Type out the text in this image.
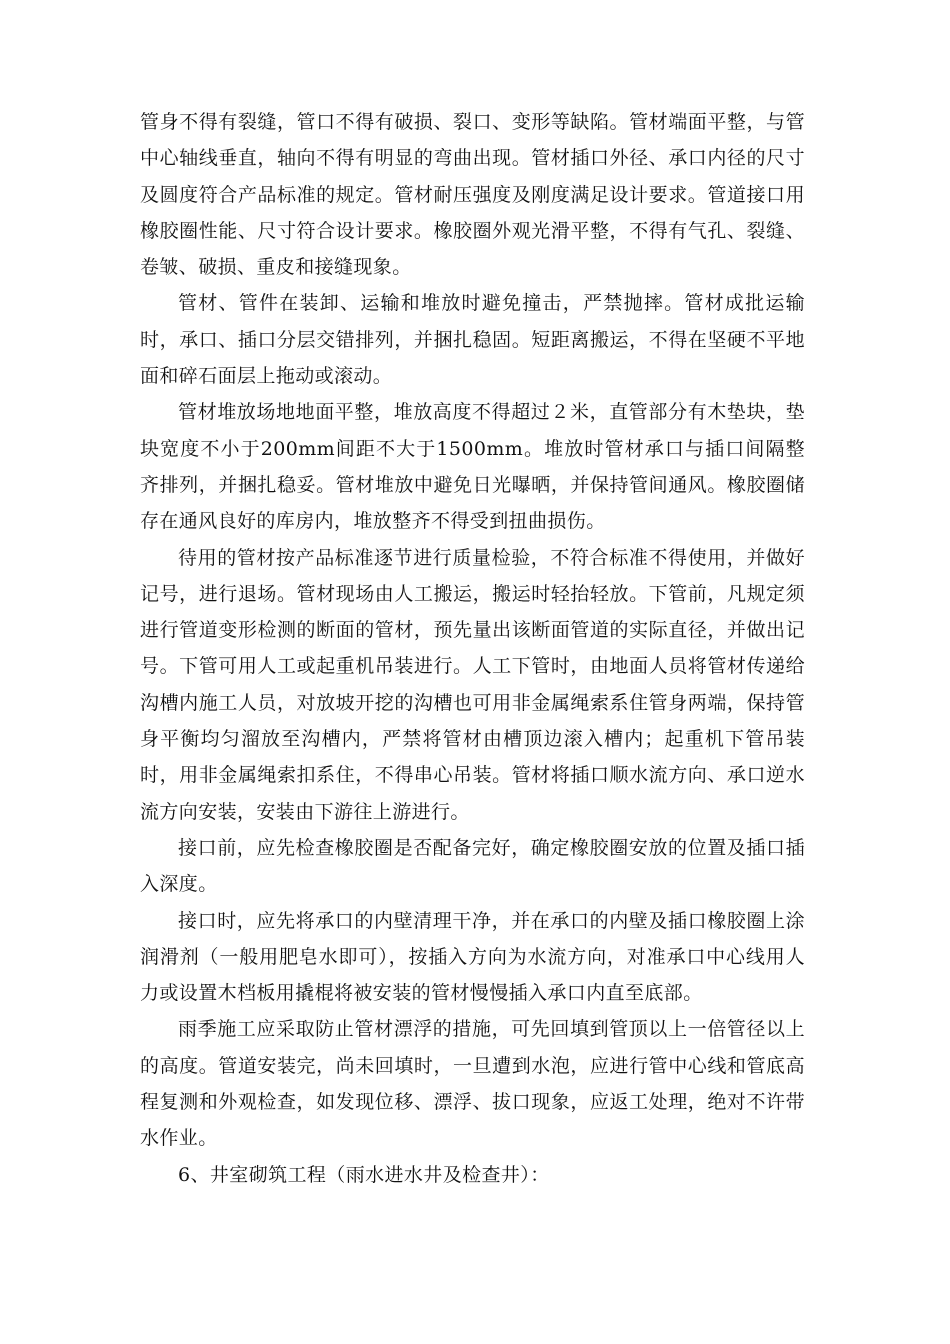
管身不得有裂缝，管口不得有破损、裂口、变形等缺陷。管材端面平整，与管中心轴线垂直，轴向不得有明显的弯曲出现。管材插口外径、承口内径的尺寸及圆度符合产品标准的规定。管材耐压强度及刚度满足设计要求。管道接口用橡胶圈性能、尺寸符合设计要求。橡胶圈外观光滑平整，不得有气孔、裂缝、卷皱、破损、重皮和接缝现象。

管材、管件在装卸、运输和堆放时避免撞击，严禁抛摔。管材成批运输时，承口、插口分层交错排列，并捆扎稳固。短距离搬运，不得在坚硬不平地面和碎石面层上拖动或滚动。

管材堆放场地地面平整，堆放高度不得超过２米，直管部分有木垫块，垫块宽度不小于200mm间距不大于1500mm。堆放时管材承口与插口间隔整齐排列，并捆扎稳妥。管材堆放中避免日光曝晒，并保持管间通风。橡胶圈储存在通风良好的库房内，堆放整齐不得受到扭曲损伤。

待用的管材按产品标准逐节进行质量检验，不符合标准不得使用，并做好记号，进行退场。管材现场由人工搬运，搬运时轻抬轻放。下管前，凡规定须进行管道变形检测的断面的管材，预先量出该断面管道的实际直径，并做出记号。下管可用人工或起重机吊装进行。人工下管时，由地面人员将管材传递给沟槽内施工人员，对放坡开挖的沟槽也可用非金属绳索系住管身两端，保持管身平衡均匀溜放至沟槽内，严禁将管材由槽顶边滚入槽内；起重机下管吊装时，用非金属绳索扣系住，不得串心吊装。管材将插口顺水流方向、承口逆水流方向安装，安装由下游往上游进行。

接口前，应先检查橡胶圈是否配备完好，确定橡胶圈安放的位置及插口插入深度。

接口时，应先将承口的内壁清理干净，并在承口的内壁及插口橡胶圈上涂润滑剂（一般用肥皂水即可），按插入方向为水流方向，对准承口中心线用人力或设置木档板用撬棍将被安装的管材慢慢插入承口内直至底部。

雨季施工应采取防止管材漂浮的措施，可先回填到管顶以上一倍管径以上的高度。管道安装完，尚未回填时，一旦遭到水泡，应进行管中心线和管底高程复测和外观检查，如发现位移、漂浮、拔口现象，应返工处理，绝对不许带水作业。

6、井室砌筑工程（雨水进水井及检查井）：
